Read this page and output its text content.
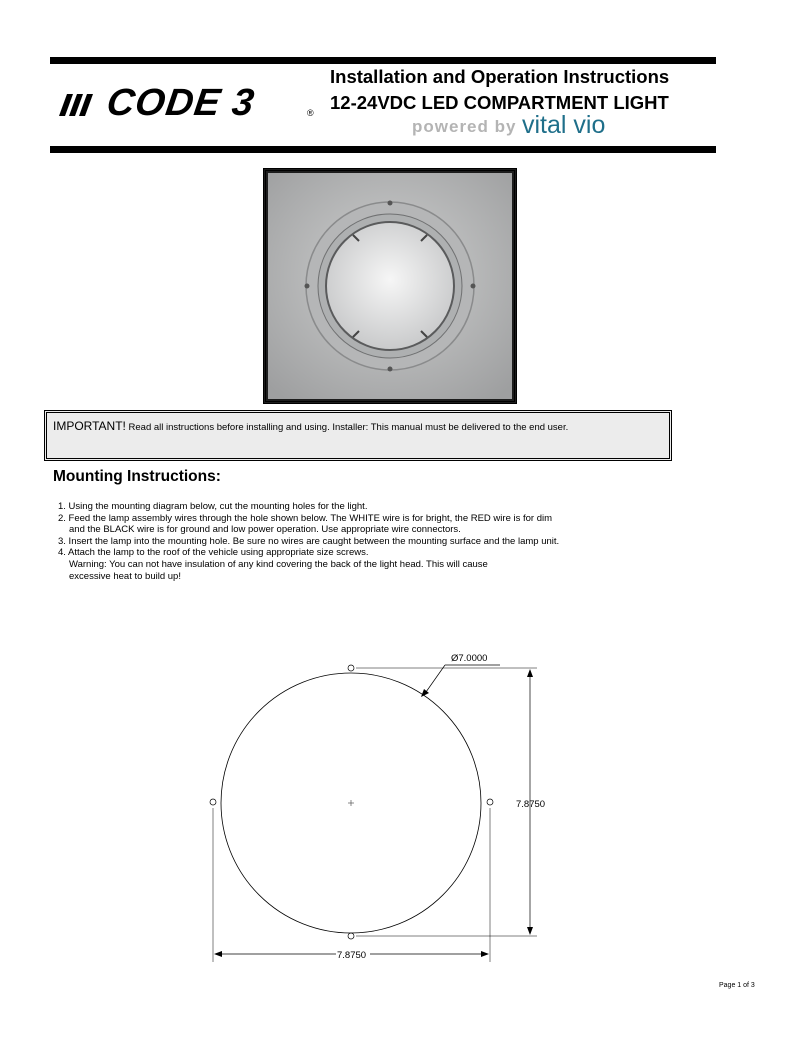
CODE 3	®
Installation and Operation Instructions
12-24VDC LED COMPARTMENT LIGHT
powered by vital vio
IMPORTANT! Read all instructions before installing and using. Installer: This manual must be delivered to the end user.
Mounting Instructions:
1. Using the mounting diagram below, cut the mounting holes for the light.
2. Feed the lamp assembly wires through the hole shown below. The WHITE wire is for bright, the RED wire is for dim
and the BLACK wire is for ground and low power operation. Use appropriate wire connectors.
3. Insert the lamp into the mounting hole. Be sure no wires are caught between the mounting surface and the lamp unit.
4. Attach the lamp to the roof of the vehicle using appropriate size screws.
Warning: You can not have insulation of any kind covering the back of the light head. This will cause
excessive heat to build up!
Ø7.0000
7.8750
7.8750
Page 1 of 3
